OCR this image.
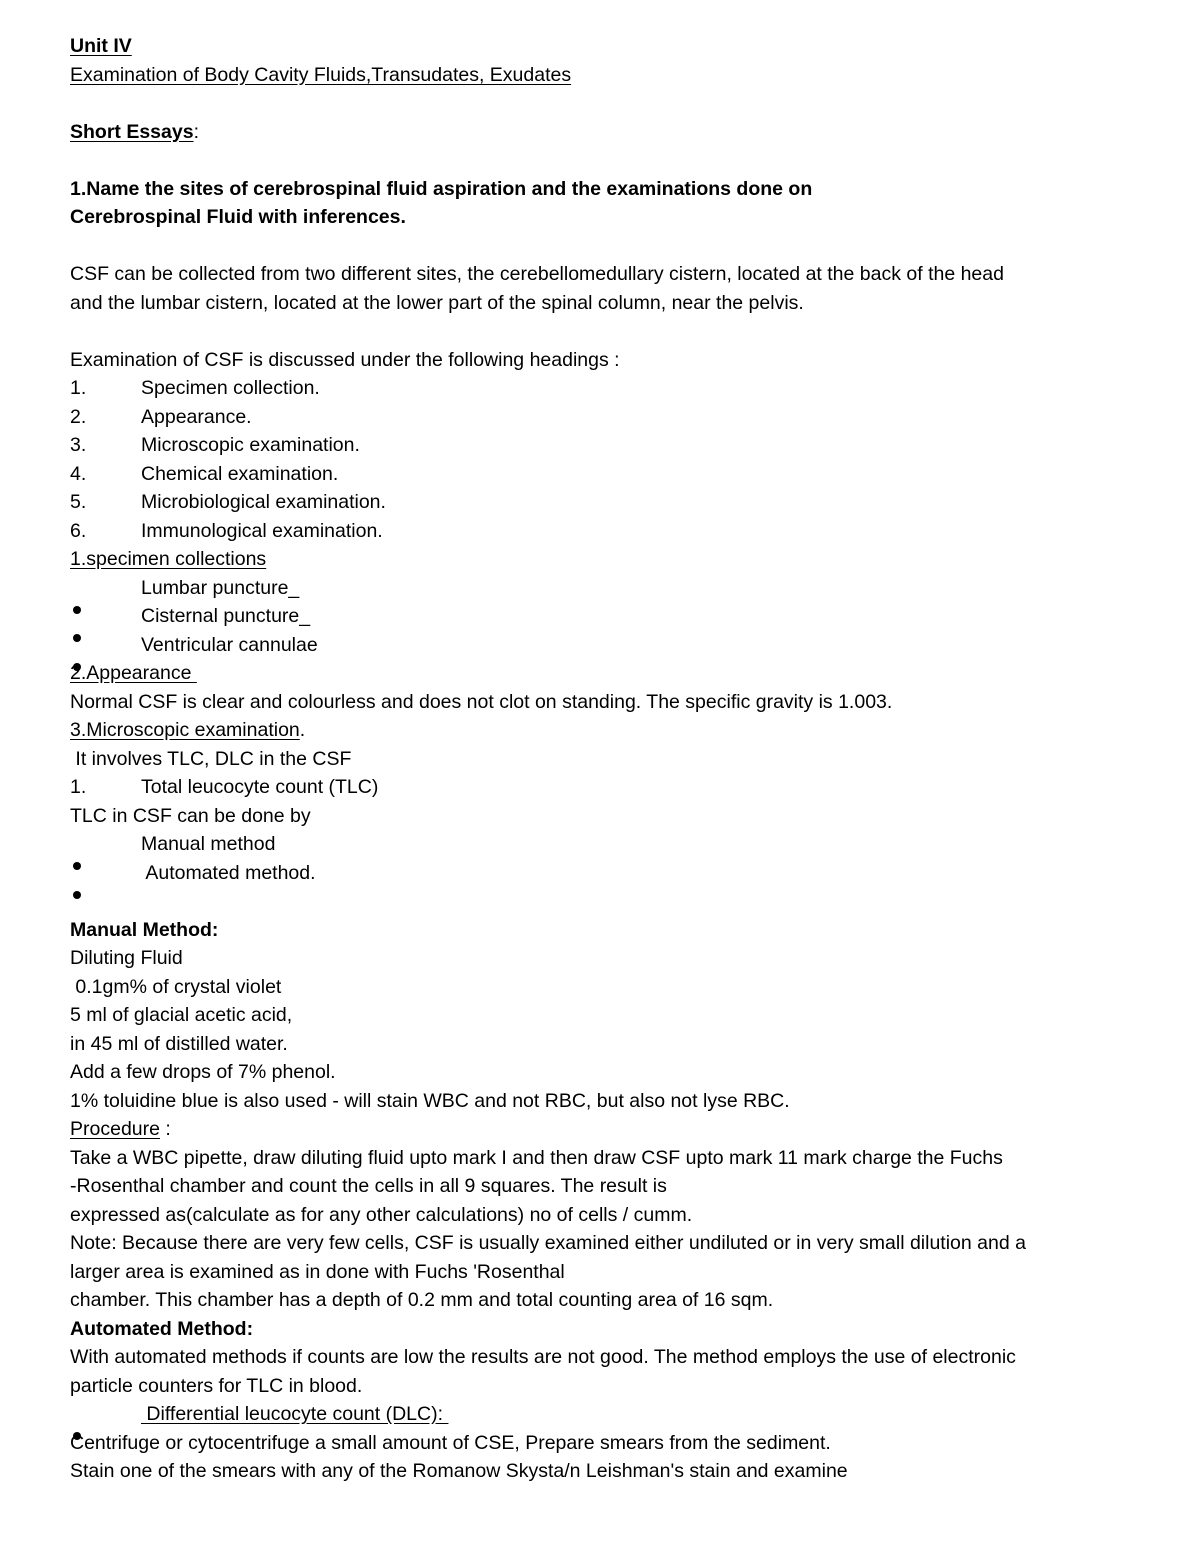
Unit IV
Examination of Body Cavity Fluids,Transudates, Exudates
Short Essays:
1.Name the sites of cerebrospinal fluid aspiration and the examinations done on
Cerebrospinal Fluid with inferences.
CSF can be collected from two different sites, the cerebellomedullary cistern, located at the back of the head
and the lumbar cistern, located at the lower part of the spinal column, near the pelvis.
Examination of CSF is discussed under the following headings :
1.	Specimen collection.
2.	Appearance.
3.	Microscopic examination.
4.	Chemical examination.
5.	Microbiological examination.
6.	Immunological examination.
1.specimen collections
Lumbar puncture_
Cisternal puncture_
Ventricular cannulae
2.Appearance
Normal CSF is clear and colourless and does not clot on standing. The specific gravity is 1.003.
3.Microscopic examination.
It involves TLC, DLC in the CSF
1.	Total leucocyte count (TLC)
TLC in CSF can be done by
Manual method
Automated method.
Manual Method:
Diluting Fluid
0.1gm% of crystal violet
5 ml of glacial acetic acid,
in 45 ml of distilled water.
Add a few drops of 7% phenol.
1% toluidine blue is also used - will stain WBC and not RBC, but also not lyse RBC.
Procedure :
Take a WBC pipette, draw diluting fluid upto mark I and then draw CSF upto mark 11 mark charge the Fuchs
-Rosenthal chamber and count the cells in all 9 squares. The result is
expressed as(calculate as for any other calculations) no of cells / cumm.
Note: Because there are very few cells, CSF is usually examined either undiluted or in very small dilution and a
larger area is examined as in done with Fuchs 'Rosenthal
chamber. This chamber has a depth of 0.2 mm and total counting area of 16 sqm.
Automated Method:
With automated methods if counts are low the results are not good. The method employs the use of electronic
particle counters for TLC in blood.
Differential leucocyte count (DLC):
Centrifuge or cytocentrifuge a small amount of CSE, Prepare smears from the sediment.
Stain one of the smears with any of the Romanow Skysta/n Leishman's stain and examine
